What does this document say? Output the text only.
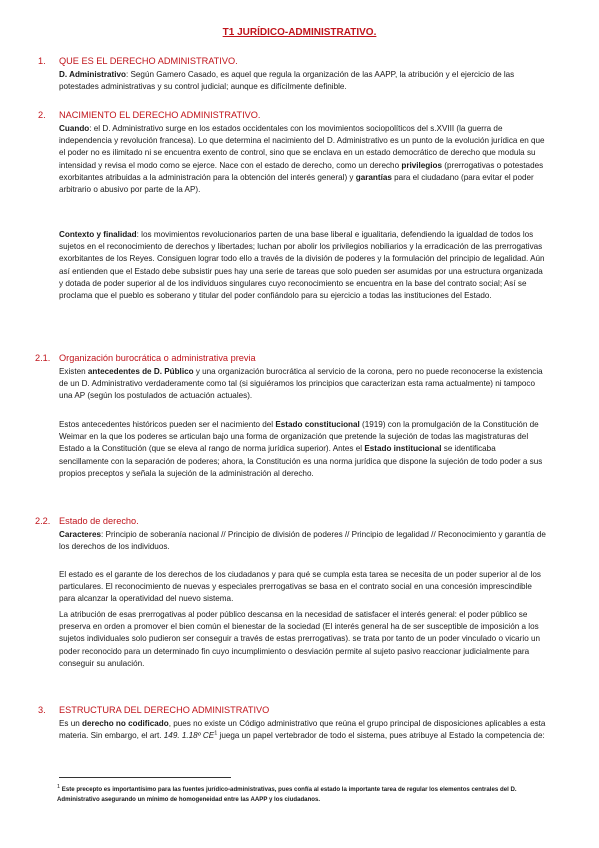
T1 JURÍDICO-ADMINISTRATIVO.
1. QUE ES EL DERECHO ADMINISTRATIVO.

D. Administrativo: Según Gamero Casado, es aquel que regula la organización de las AAPP, la atribución y el ejercicio de las potestades administrativas y su control judicial; aunque es difícilmente definible.

2. NACIMIENTO EL DERECHO ADMINISTRATIVO.

Cuando: el D. Administrativo surge en los estados occidentales con los movimientos sociopolíticos del s.XVIII (la guerra de independencia y revolución francesa). Lo que determina el nacimiento del D. Administrativo es un punto de la evolución jurídica en que el poder no es ilimitado ni se encuentra exento de control, sino que se enclava en un estado democrático de derecho que modula su intensidad y revisa el modo como se ejerce. Nace con el estado de derecho, como un derecho privilegios (prerrogativas o potestades exorbitantes atribuidas a la administración para la obtención del interés general) y garantías para el ciudadano (para evitar el poder arbitrario o abusivo por parte de la AP).

Contexto y finalidad: los movimientos revolucionarios parten de una base liberal e igualitaria, defendiendo la igualdad de todos los sujetos en el reconocimiento de derechos y libertades; luchan por abolir los privilegios nobiliarios y la erradicación de las prerrogativas exorbitantes de los Reyes. Consiguen lograr todo ello a través de la división de poderes y la formulación del principio de legalidad. Aún así entienden que el Estado debe subsistir pues hay una serie de tareas que solo pueden ser asumidas por una estructura organizada y dotada de poder superior al de los individuos singulares cuyo reconocimiento se encuentra en la base del contrato social; Así se proclama que el pueblo es soberano y titular del poder confiándolo para su ejercicio a todas las instituciones del Estado.

2.1. Organización burocrática o administrativa previa

Existen antecedentes de D. Público y una organización burocrática al servicio de la corona, pero no puede reconocerse la existencia de un D. Administrativo verdaderamente como tal (si siguiéramos los principios que caracterizan esta rama actualmente) ni tampoco una AP (según los postulados de actuación actuales).

Estos antecedentes históricos pueden ser el nacimiento del Estado constitucional (1919) con la promulgación de la Constitución de Weimar en la que los poderes se articulan bajo una forma de organización que pretende la sujeción de todas las magistraturas del Estado a la Constitución (que se eleva al rango de norma jurídica superior). Antes el Estado institucional se identificaba sencillamente con la separación de poderes; ahora, la Constitución es una norma jurídica que dispone la sujeción de todo poder a sus propios preceptos y señala la sujeción de la administración al derecho.

2.2. Estado de derecho.

Caracteres: Principio de soberanía nacional // Principio de división de poderes // Principio de legalidad // Reconocimiento y garantía de los derechos de los individuos.

El estado es el garante de los derechos de los ciudadanos y para qué se cumpla esta tarea se necesita de un poder superior al de los particulares. El reconocimiento de nuevas y especiales prerrogativas se basa en el contrato social en una concesión imprescindible para alcanzar la operatividad del nuevo sistema.

La atribución de esas prerrogativas al poder público descansa en la necesidad de satisfacer el interés general: el poder público se preserva en orden a promover el bien común el bienestar de la sociedad (El interés general ha de ser susceptible de imposición a los sujetos individuales solo pudieron ser conseguir a través de estas prerrogativas). se trata por tanto de un poder vinculado o vicario un poder reconocido para un determinado fin cuyo incumplimiento o desviación permite al sujeto pasivo reaccionar judicialmente para conseguir su anulación.

3. ESTRUCTURA DEL DERECHO ADMINISTRATIVO

Es un derecho no codificado, pues no existe un Código administrativo que reúna el grupo principal de disposiciones aplicables a esta materia. Sin embargo, el art. 149. 1.18º $CE^1$ juega un papel vertebrador de todo el sistema, pues atribuye al Estado la competencia de:

1 Este precepto es importantísimo para las fuentes jurídico-administrativas, pues confía al estado la importante tarea de regular los elementos centrales del D. Administrativo asegurando un mínimo de homogeneidad entre las AAPP y los ciudadanos.
